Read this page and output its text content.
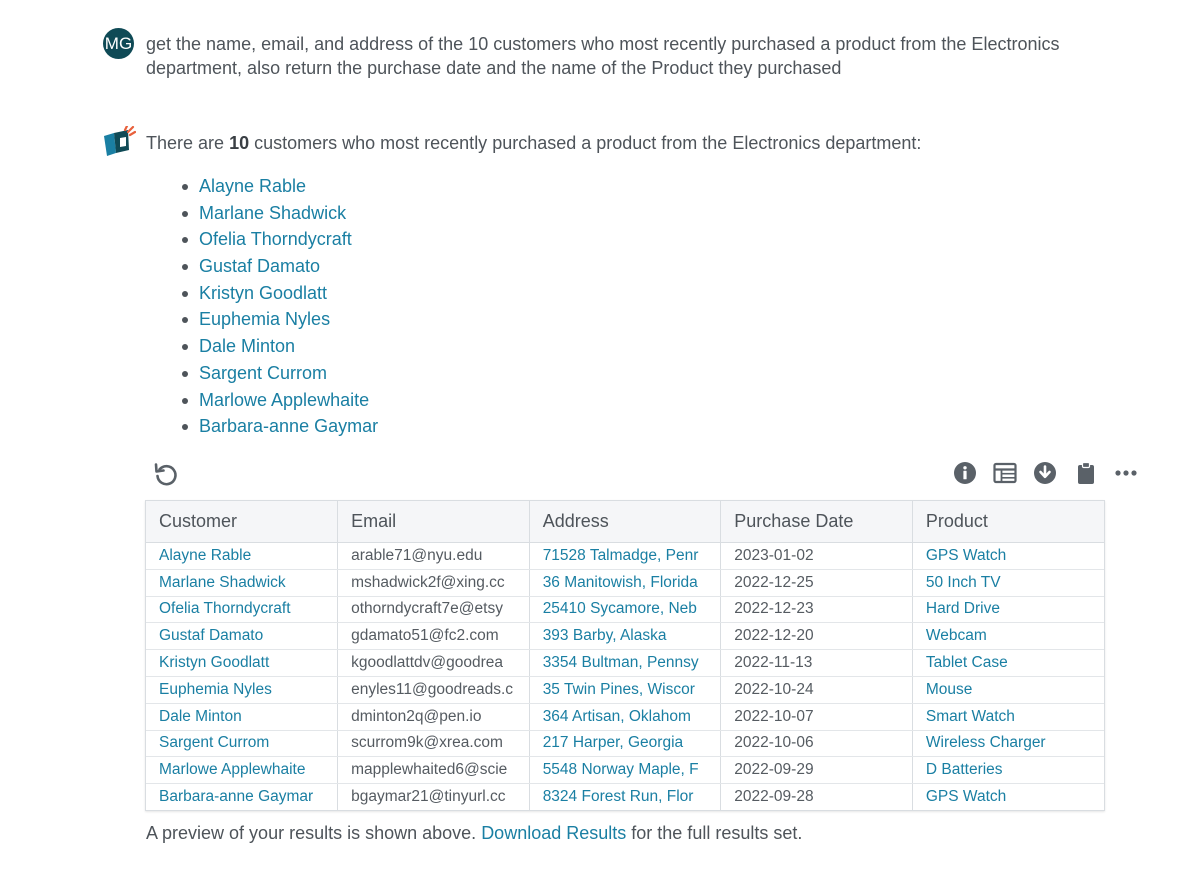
MG get the name, email, and address of the 10 customers who most recently purchased a product from the Electronics department, also return the purchase date and the name of the Product they purchased
There are 10 customers who most recently purchased a product from the Electronics department:
Alayne Rable
Marlane Shadwick
Ofelia Thorndycraft
Gustaf Damato
Kristyn Goodlatt
Euphemia Nyles
Dale Minton
Sargent Currom
Marlowe Applewhaite
Barbara-anne Gaymar
Customer	Email	Address	Purchase Date	Product
Alayne Rable	arable71@nyu.edu	71528 Talmadge, Penr	2023-01-02	GPS Watch
Marlane Shadwick	mshadwick2f@xing.cc	36 Manitowish, Florida	2022-12-25	50 Inch TV
Ofelia Thorndycraft	othorndycraft7e@etsy	25410 Sycamore, Neb	2022-12-23	Hard Drive
Gustaf Damato	gdamato51@fc2.com	393 Barby, Alaska	2022-12-20	Webcam
Kristyn Goodlatt	kgoodlattdv@goodrea	3354 Bultman, Pennsy	2022-11-13	Tablet Case
Euphemia Nyles	enyles11@goodreads.c	35 Twin Pines, Wiscor	2022-10-24	Mouse
Dale Minton	dminton2q@pen.io	364 Artisan, Oklahom	2022-10-07	Smart Watch
Sargent Currom	scurrom9k@xrea.com	217 Harper, Georgia	2022-10-06	Wireless Charger
Marlowe Applewhaite	mapplewhaited6@scie	5548 Norway Maple, F	2022-09-29	D Batteries
Barbara-anne Gaymar	bgaymar21@tinyurl.cc	8324 Forest Run, Flor	2022-09-28	GPS Watch
A preview of your results is shown above. Download Results for the full results set.
